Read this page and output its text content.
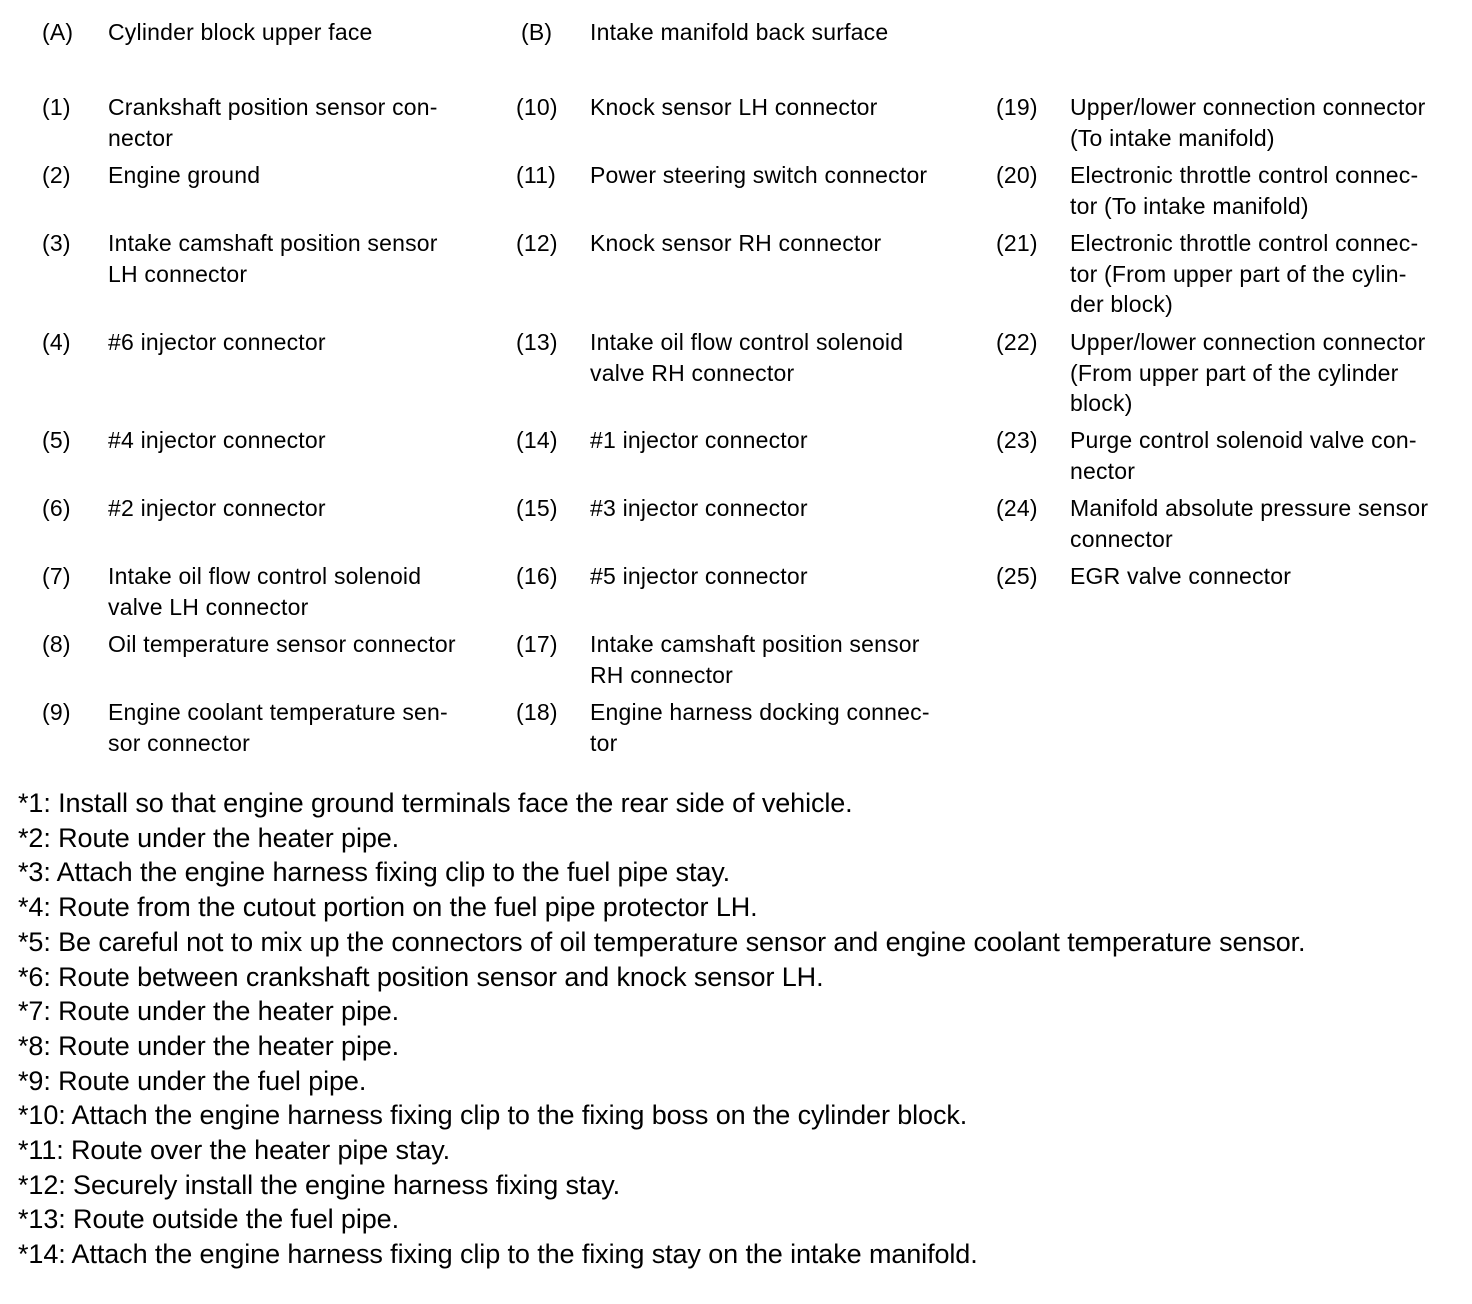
(A) Cylinder block upper face
(1) Crankshaft position sensor con-
nector
(2) Engine ground
(3) Intake camshaft position sensor
LH connector
(4) #6 injector connector
(5) #4 injector connector
(6) #2 injector connector
(7) Intake oil flow control solenoid
valve LH connector
(8) Oil temperature sensor connector
(9) Engine coolant temperature sen-
sor connector
(B) Intake manifold back surface
(10) Knock sensor LH connector
(11) Power steering switch connector
(12) Knock sensor RH connector
(13) Intake oil flow control solenoid
valve RH connector
(14) #1 injector connector
(15) #3 injector connector
(16) #5 injector connector
(17) Intake camshaft position sensor
RH connector
(18) Engine harness docking connec-
tor
(19) Upper/lower connection connector
(To intake manifold)
(20) Electronic throttle control connec-
tor (To intake manifold)
(21) Electronic throttle control connec-
tor (From upper part of the cylin-
der block)
(22) Upper/lower connection connector
(From upper part of the cylinder
block)
(23) Purge control solenoid valve con-
nector
(24) Manifold absolute pressure sensor
connector
(25) EGR valve connector
*1: Install so that engine ground terminals face the rear side of vehicle.
*2: Route under the heater pipe.
*3: Attach the engine harness fixing clip to the fuel pipe stay.
*4: Route from the cutout portion on the fuel pipe protector LH.
*5: Be careful not to mix up the connectors of oil temperature sensor and engine coolant temperature sensor.
*6: Route between crankshaft position sensor and knock sensor LH.
*7: Route under the heater pipe.
*8: Route under the heater pipe.
*9: Route under the fuel pipe.
*10: Attach the engine harness fixing clip to the fixing boss on the cylinder block.
*11: Route over the heater pipe stay.
*12: Securely install the engine harness fixing stay.
*13: Route outside the fuel pipe.
*14: Attach the engine harness fixing clip to the fixing stay on the intake manifold.
